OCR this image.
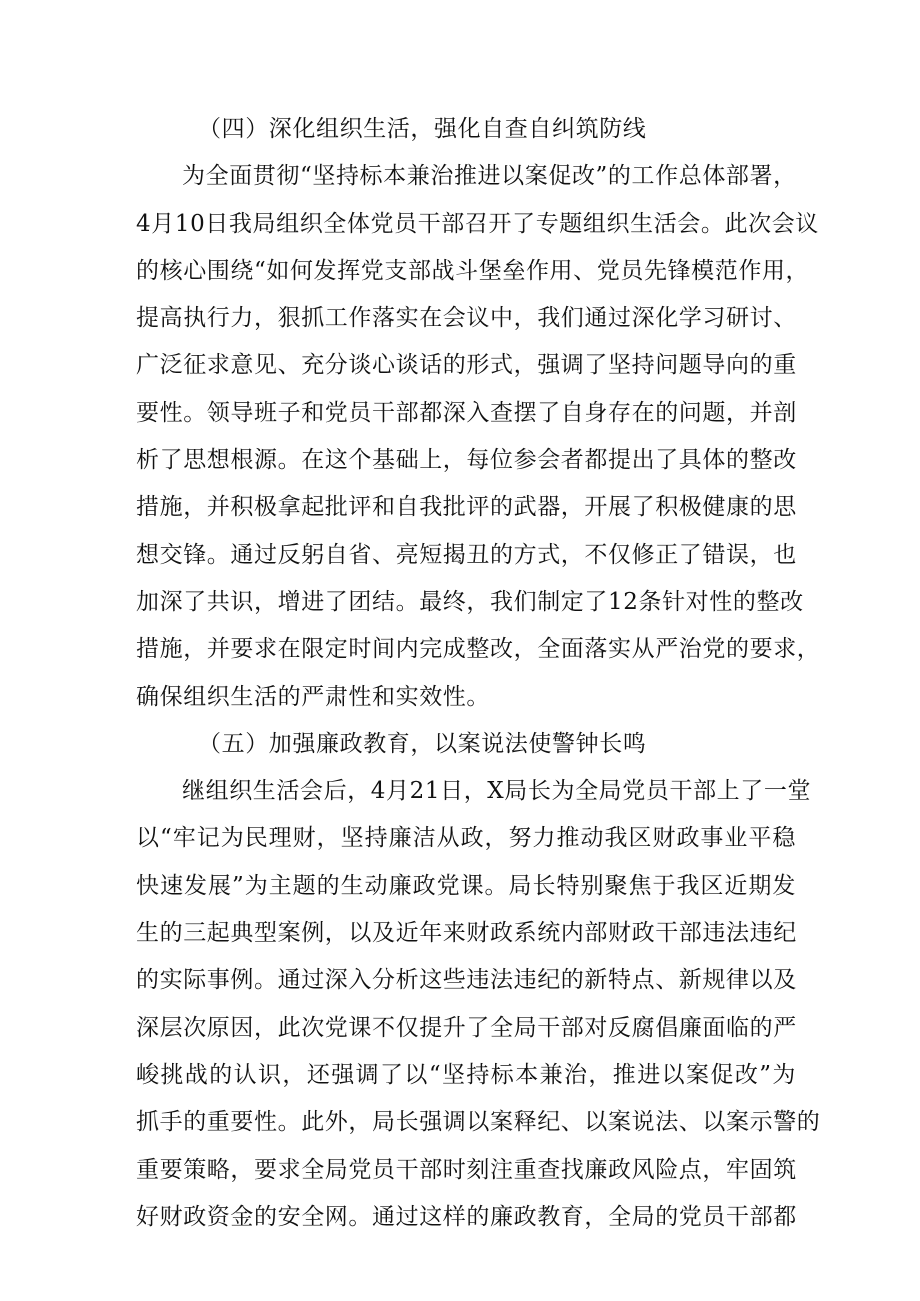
（四）深化组织生活，强化自查自纠筑防线
为全面贯彻“坚持标本兼治推进以案促改”的工作总体部署，
4月10日我局组织全体党员干部召开了专题组织生活会。此次会议
的核心围绕“如何发挥党支部战斗堡垒作用、党员先锋模范作用，
提高执行力，狠抓工作落实在会议中，我们通过深化学习研讨、
广泛征求意见、充分谈心谈话的形式，强调了坚持问题导向的重
要性。领导班子和党员干部都深入查摆了自身存在的问题，并剖
析了思想根源。在这个基础上，每位参会者都提出了具体的整改
措施，并积极拿起批评和自我批评的武器，开展了积极健康的思
想交锋。通过反躬自省、亮短揭丑的方式，不仅修正了错误，也
加深了共识，增进了团结。最终，我们制定了12条针对性的整改
措施，并要求在限定时间内完成整改，全面落实从严治党的要求，
确保组织生活的严肃性和实效性。
（五）加强廉政教育，以案说法使警钟长鸣
继组织生活会后，4月21日，X局长为全局党员干部上了一堂
以“牢记为民理财，坚持廉洁从政，努力推动我区财政事业平稳
快速发展”为主题的生动廉政党课。局长特别聚焦于我区近期发
生的三起典型案例，以及近年来财政系统内部财政干部违法违纪
的实际事例。通过深入分析这些违法违纪的新特点、新规律以及
深层次原因，此次党课不仅提升了全局干部对反腐倡廉面临的严
峻挑战的认识，还强调了以“坚持标本兼治，推进以案促改”为
抓手的重要性。此外，局长强调以案释纪、以案说法、以案示警的
重要策略，要求全局党员干部时刻注重查找廉政风险点，牢固筑
好财政资金的安全网。通过这样的廉政教育，全局的党员干部都
